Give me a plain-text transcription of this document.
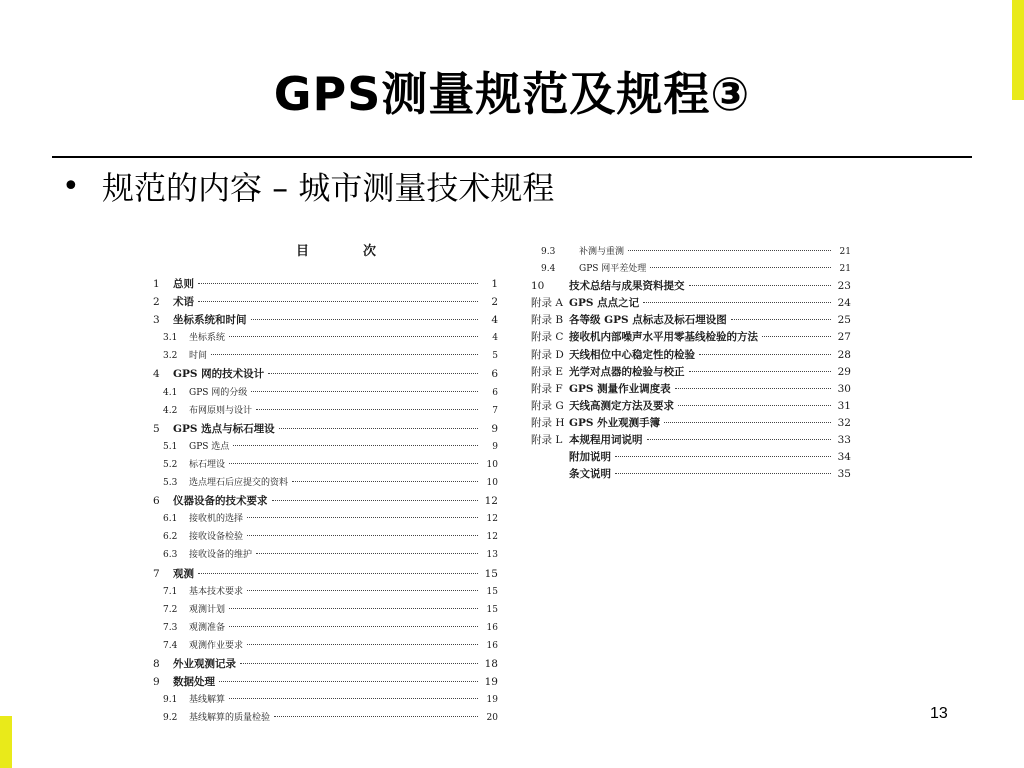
GPS测量规范及规程③
• 规范的内容 – 城市测量技术规程
目	次
1	总则	1
2	术语	2
3	坐标系统和时间	4
3.1	坐标系统	4
3.2	时间	5
4	GPS 网的技术设计	6
4.1	GPS 网的分级	6
4.2	布网原则与设计	7
5	GPS 选点与标石埋设	9
5.1	GPS 选点	9
5.2	标石埋设	10
5.3	选点埋石后应提交的资料	10
6	仪器设备的技术要求	12
6.1	接收机的选择	12
6.2	接收设备检验	12
6.3	接收设备的维护	13
7	观测	15
7.1	基本技术要求	15
7.2	观测计划	15
7.3	观测准备	16
7.4	观测作业要求	16
8	外业观测记录	18
9	数据处理	19
9.1	基线解算	19
9.2	基线解算的质量检验	20
9.3	补测与重测	21
9.4	GPS 网平差处理	21
10	技术总结与成果资料提交	23
附录 A GPS 点点之记	24
附录 B 各等级 GPS 点标志及标石埋设图	25
附录 C 接收机内部噪声水平用零基线检验的方法	27
附录 D 天线相位中心稳定性的检验	28
附录 E 光学对点器的检验与校正	29
附录 F GPS 测量作业调度表	30
附录 G 天线高测定方法及要求	31
附录 H GPS 外业观测手簿	32
附录 L 本规程用词说明	33
附加说明	34
条文说明	35
13
